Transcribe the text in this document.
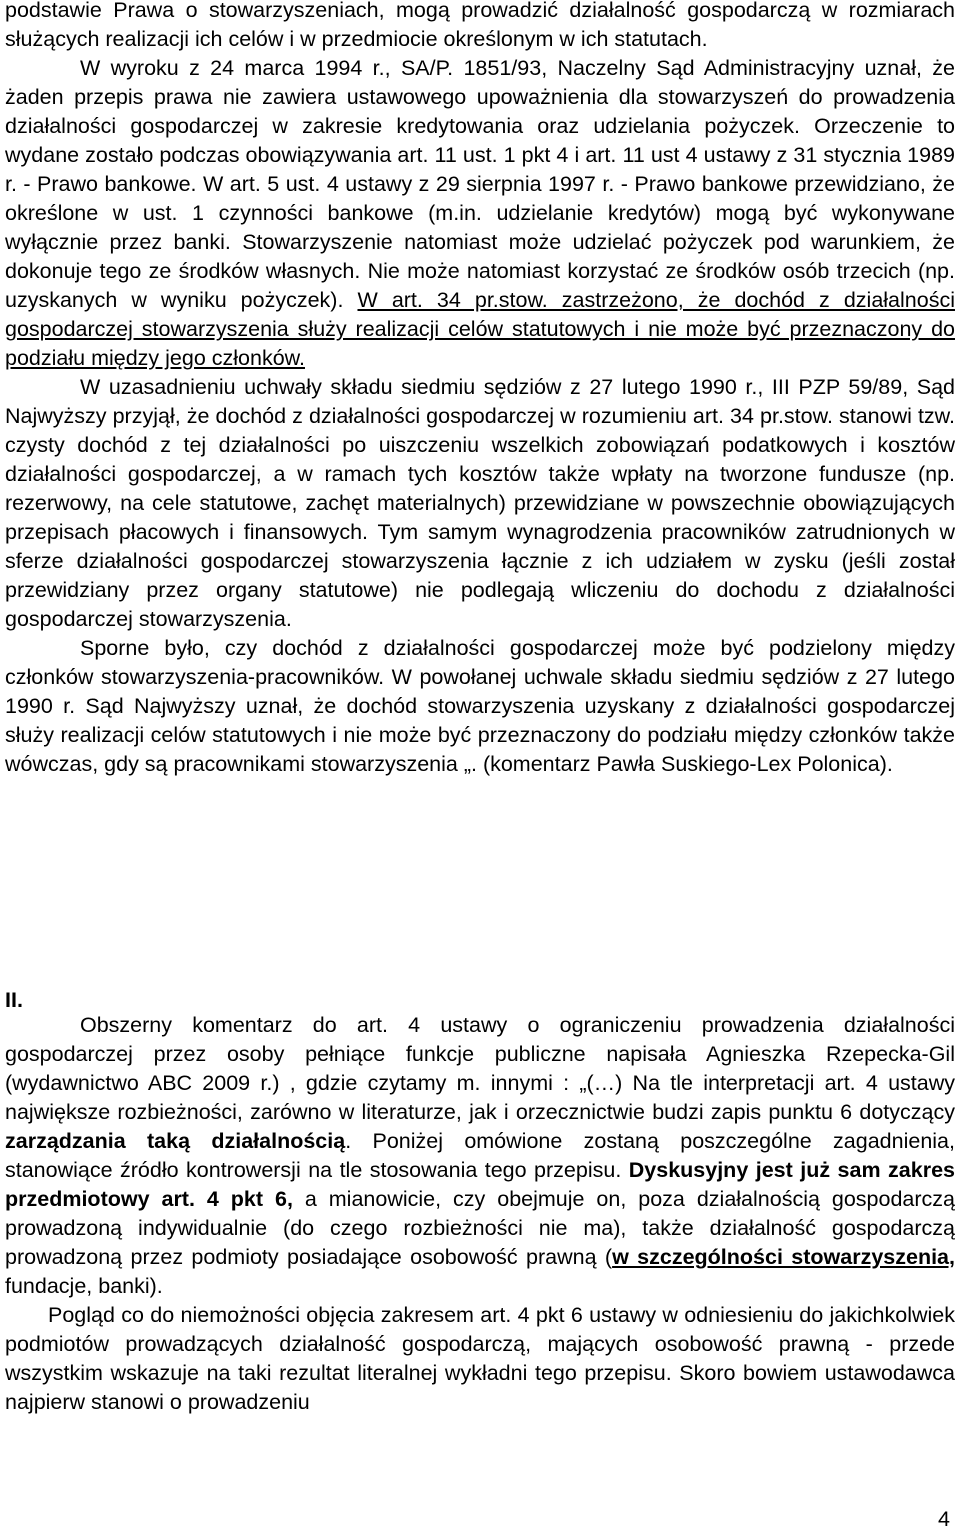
podstawie Prawa o stowarzyszeniach, mogą prowadzić działalność gospodarczą w rozmiarach służących realizacji ich celów i w przedmiocie określonym w ich statutach.

W wyroku z 24 marca 1994 r., SA/P. 1851/93, Naczelny Sąd Administracyjny uznał, że żaden przepis prawa nie zawiera ustawowego upoważnienia dla stowarzyszeń do prowadzenia działalności gospodarczej w zakresie kredytowania oraz udzielania pożyczek. Orzeczenie to wydane zostało podczas obowiązywania art. 11 ust. 1 pkt 4 i art. 11 ust 4 ustawy z 31 stycznia 1989 r. - Prawo bankowe. W art. 5 ust. 4 ustawy z 29 sierpnia 1997 r. - Prawo bankowe przewidziano, że określone w ust. 1 czynności bankowe (m.in. udzielanie kredytów) mogą być wykonywane wyłącznie przez banki. Stowarzyszenie natomiast może udzielać pożyczek pod warunkiem, że dokonuje tego ze środków własnych. Nie może natomiast korzystać ze środków osób trzecich (np. uzyskanych w wyniku pożyczek). W art. 34 pr.stow. zastrzeżono, że dochód z działalności gospodarczej stowarzyszenia służy realizacji celów statutowych i nie może być przeznaczony do podziału między jego członków.

W uzasadnieniu uchwały składu siedmiu sędziów z 27 lutego 1990 r., III PZP 59/89, Sąd Najwyższy przyjął, że dochód z działalności gospodarczej w rozumieniu art. 34 pr.stow. stanowi tzw. czysty dochód z tej działalności po uiszczeniu wszelkich zobowiązań podatkowych i kosztów działalności gospodarczej, a w ramach tych kosztów także wpłaty na tworzone fundusze (np. rezerwowy, na cele statutowe, zachęt materialnych) przewidziane w powszechnie obowiązujących przepisach płacowych i finansowych. Tym samym wynagrodzenia pracowników zatrudnionych w sferze działalności gospodarczej stowarzyszenia łącznie z ich udziałem w zysku (jeśli został przewidziany przez organy statutowe) nie podlegają wliczeniu do dochodu z działalności gospodarczej stowarzyszenia.

Sporne było, czy dochód z działalności gospodarczej może być podzielony między członków stowarzyszenia-pracowników. W powołanej uchwale składu siedmiu sędziów z 27 lutego 1990 r. Sąd Najwyższy uznał, że dochód stowarzyszenia uzyskany z działalności gospodarczej służy realizacji celów statutowych i nie może być przeznaczony do podziału między członków także wówczas, gdy są pracownikami stowarzyszenia „. (komentarz Pawła Suskiego-Lex Polonica).

II.

Obszerny komentarz do art. 4 ustawy o ograniczeniu prowadzenia działalności gospodarczej przez osoby pełniące funkcje publiczne napisała Agnieszka Rzepecka-Gil (wydawnictwo ABC 2009 r.) , gdzie czytamy m. innymi : „(…) Na tle interpretacji art. 4 ustawy największe rozbieżności, zarówno w literaturze, jak i orzecznictwie budzi zapis punktu 6 dotyczący zarządzania taką działalnością. Poniżej omówione zostaną poszczególne zagadnienia, stanowiące źródło kontrowersji na tle stosowania tego przepisu. Dyskusyjny jest już sam zakres przedmiotowy art. 4 pkt 6, a mianowicie, czy obejmuje on, poza działalnością gospodarczą prowadzoną indywidualnie (do czego rozbieżności nie ma), także działalność gospodarczą prowadzoną przez podmioty posiadające osobowość prawną (w szczególności stowarzyszenia, fundacje, banki).

Pogląd co do niemożności objęcia zakresem art. 4 pkt 6 ustawy w odniesieniu do jakichkolwiek podmiotów prowadzących działalność gospodarczą, mających osobowość prawną - przede wszystkim wskazuje na taki rezultat literalnej wykładni tego przepisu. Skoro bowiem ustawodawca najpierw stanowi o prowadzeniu

4
